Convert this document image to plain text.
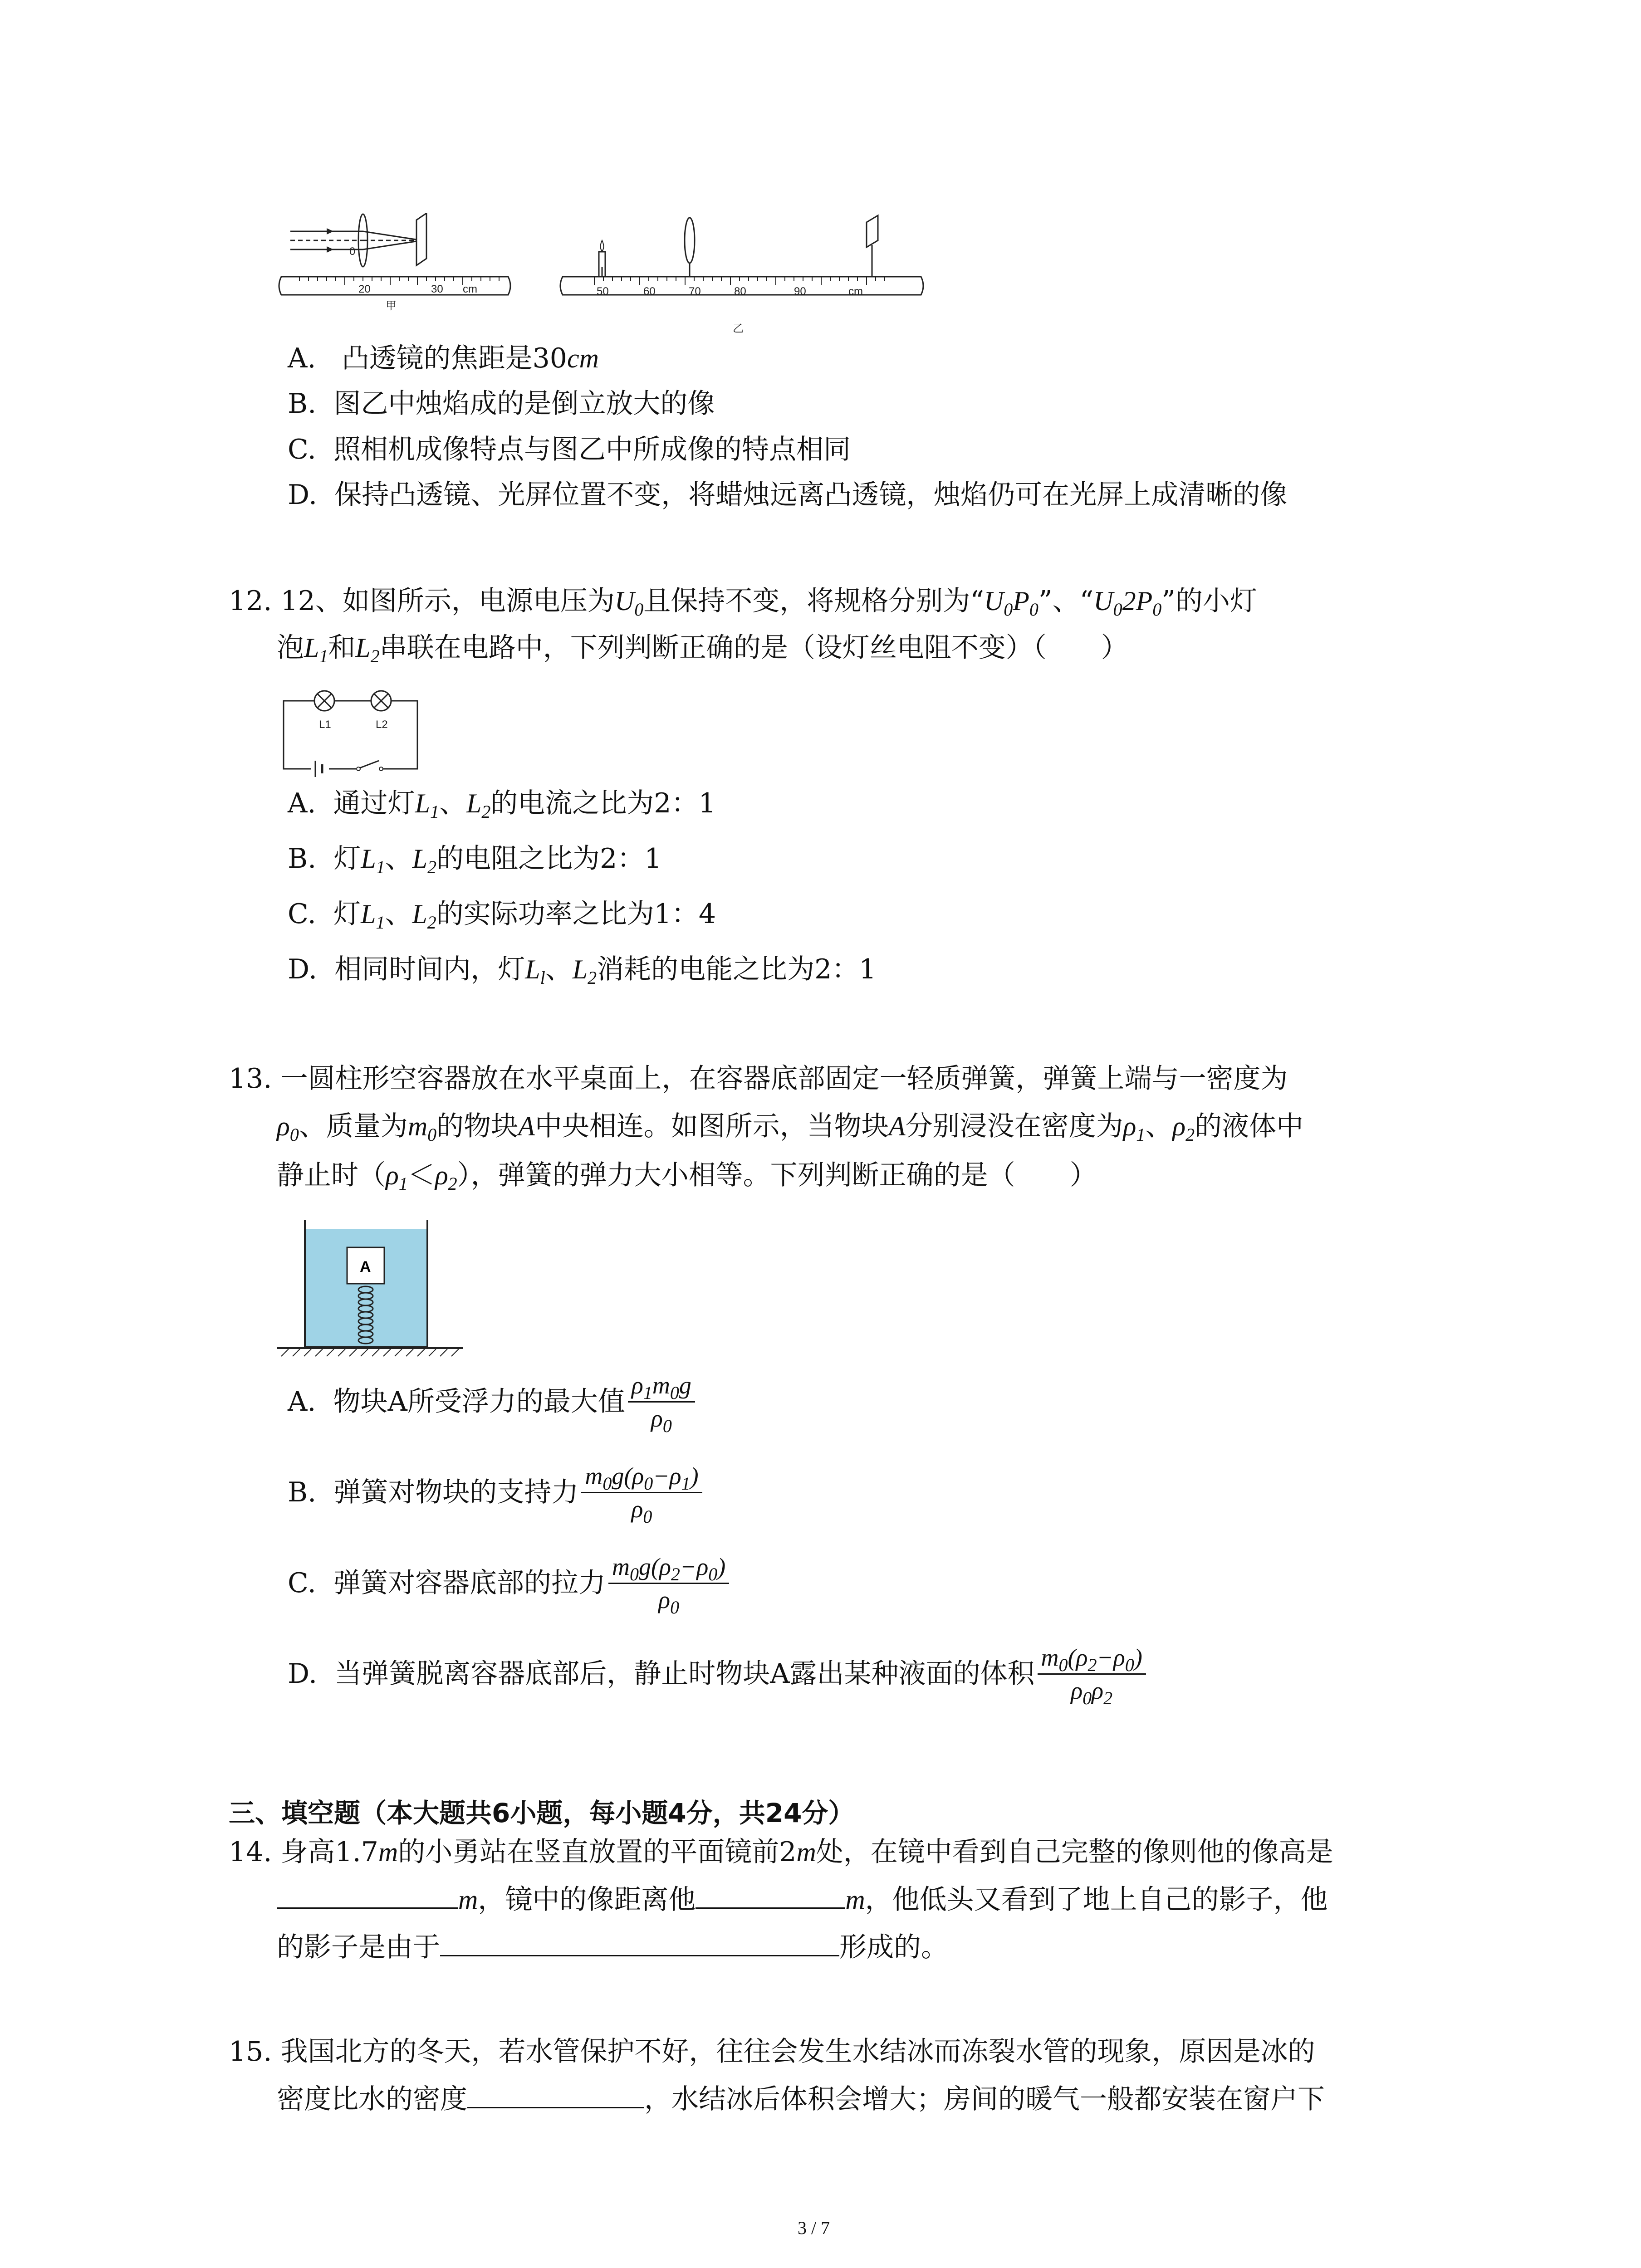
0
20	30 cm
甲
50	60	70	80	90	cm
乙
A. 凸透镜的焦距是30cm
B. 图乙中烛焰成的是倒立放大的像
C. 照相机成像特点与图乙中所成像的特点相同
D. 保持凸透镜、光屏位置不变，将蜡烛远离凸透镜，烛焰仍可在光屏上成清晰的像
12. 12、如图所示，电源电压为$U_0$且保持不变，将规格分别为“$U_0P_0$”、“$U_02P_0$”的小灯
泡$L_1$和$L_2$串联在电路中，下列判断正确的是（设灯丝电阻不变）（　　）
L1	L2
A. 通过灯$L_1$、$L_2$的电流之比为2：1
B. 灯$L_1$、$L_2$的电阻之比为2：1
C. 灯$L_1$、$L_2$的实际功率之比为1：4
D. 相同时间内，灯$L_l$、$L_2$消耗的电能之比为2：1
13. 一圆柱形空容器放在水平桌面上，在容器底部固定一轻质弹簧，弹簧上端与一密度为
$\rho_0$、质量为$m_0$的物块A中央相连。如图所示，当物块A分别浸没在密度为$\rho_1$、$\rho_2$的液体中
静止时$(\rho_1<\rho_2)$，弹簧的弹力大小相等。下列判断正确的是（　　）
A
A.
物块A所受浮力的最大值 $\frac{\rho_1m_0g}{\rho_0}$
B.
弹簧对物块的支持力 $\frac{m_0g(\rho_0-\rho_1)}{\rho_0}$
C.
弹簧对容器底部的拉力 $\frac{m_0g(\rho_2-\rho_0)}{\rho_0}$
D.
当弹簧脱离容器底部后，静止时物块A露出某种液面的体积 $\frac{m_0(\rho_2-\rho_0)}{\rho_0\rho_2}$
三、填空题（本大题共6小题，每小题4分，共24分）
14. 身高1.7m的小勇站在竖直放置的平面镜前2m处，在镜中看到自己完整的像则他的像高是
m，镜中的像距离他	m，他低头又看到了地上自己的影子，他
的影子是由于	形成的。
15. 我国北方的冬天，若水管保护不好，往往会发生水结冰而冻裂水管的现象，原因是冰的
密度比水的密度	，水结冰后体积会增大；房间的暖气一般都安装在窗户下
3 / 7
